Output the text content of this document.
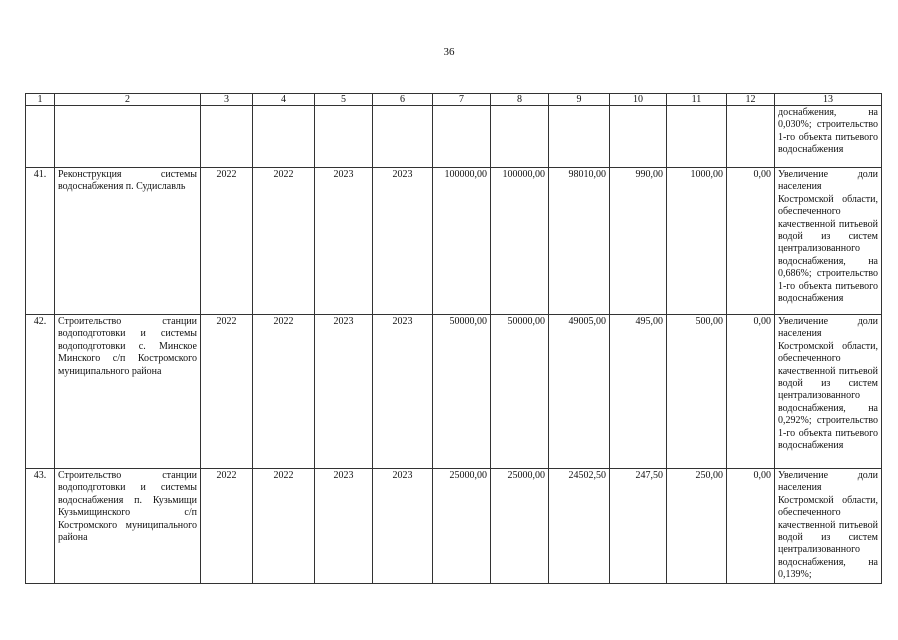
36
1	2	3	4	5	6	7	8	9	10	11	12	13
												доснабжения, на 0,030%; строительство 1-го объекта питьевого водоснабжения
41.	Реконструкция системы водоснабжения п. Судиславль	2022	2022	2023	2023	100000,00	100000,00	98010,00	990,00	1000,00	0,00	Увеличение доли населения Костромской области, обеспеченного качественной питьевой водой из систем централизованного водоснабжения, на 0,686%; строительство 1-го объекта питьевого водоснабжения
42.	Строительство станции водоподготовки и системы водоподготовки с. Минское Минского с/п Костромского муниципального района	2022	2022	2023	2023	50000,00	50000,00	49005,00	495,00	500,00	0,00	Увеличение доли населения Костромской области, обеспеченного качественной питьевой водой из систем централизованного водоснабжения, на 0,292%; строительство 1-го объекта питьевого водоснабжения
43.	Строительство станции водоподготовки и системы водоснабжения п. Кузьмищи Кузьмищинского с/п Костромского муниципального района	2022	2022	2023	2023	25000,00	25000,00	24502,50	247,50	250,00	0,00	Увеличение доли населения Костромской области, обеспеченного качественной питьевой водой из систем централизованного водоснабжения, на 0,139%;
